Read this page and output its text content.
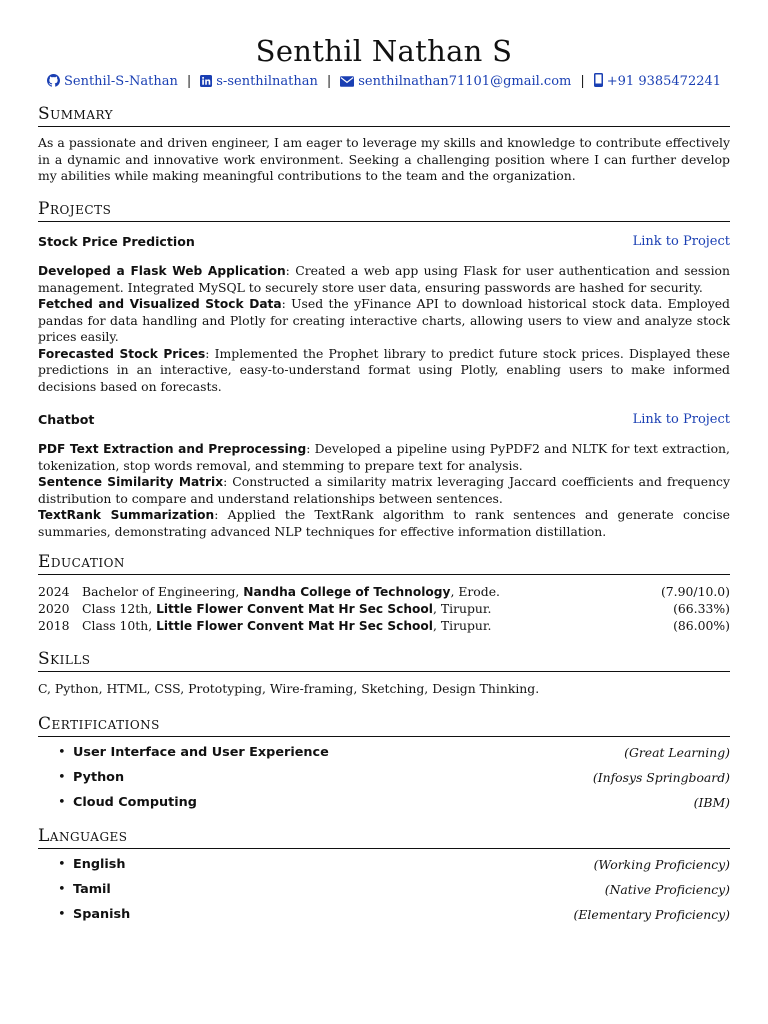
Senthil Nathan S
Senthil-S-Nathan | s-senthilnathan | senthilnathan71101@gmail.com | +91 9385472241
Summary
As a passionate and driven engineer, I am eager to leverage my skills and knowledge to contribute effectively in a dynamic and innovative work environment. Seeking a challenging position where I can further develop my abilities while making meaningful contributions to the team and the organization.
Projects
Stock Price Prediction	Link to Project
Developed a Flask Web Application: Created a web app using Flask for user authentication and session management. Integrated MySQL to securely store user data, ensuring passwords are hashed for security.
Fetched and Visualized Stock Data: Used the yFinance API to download historical stock data. Employed pandas for data handling and Plotly for creating interactive charts, allowing users to view and analyze stock prices easily.
Forecasted Stock Prices: Implemented the Prophet library to predict future stock prices. Displayed these predictions in an interactive, easy-to-understand format using Plotly, enabling users to make informed decisions based on forecasts.
Chatbot	Link to Project
PDF Text Extraction and Preprocessing: Developed a pipeline using PyPDF2 and NLTK for text extraction, tokenization, stop words removal, and stemming to prepare text for analysis.
Sentence Similarity Matrix: Constructed a similarity matrix leveraging Jaccard coefficients and frequency distribution to compare and understand relationships between sentences.
TextRank Summarization: Applied the TextRank algorithm to rank sentences and generate concise summaries, demonstrating advanced NLP techniques for effective information distillation.
Education
2024 Bachelor of Engineering, Nandha College of Technology, Erode.	(7.90/10.0)
2020 Class 12th, Little Flower Convent Mat Hr Sec School, Tirupur.	(66.33%)
2018 Class 10th, Little Flower Convent Mat Hr Sec School, Tirupur.	(86.00%)
Skills
C, Python, HTML, CSS, Prototyping, Wire-framing, Sketching, Design Thinking.
Certifications
• User Interface and User Experience	(Great Learning)
• Python	(Infosys Springboard)
• Cloud Computing	(IBM)
Languages
• English	(Working Proficiency)
• Tamil	(Native Proficiency)
• Spanish	(Elementary Proficiency)
